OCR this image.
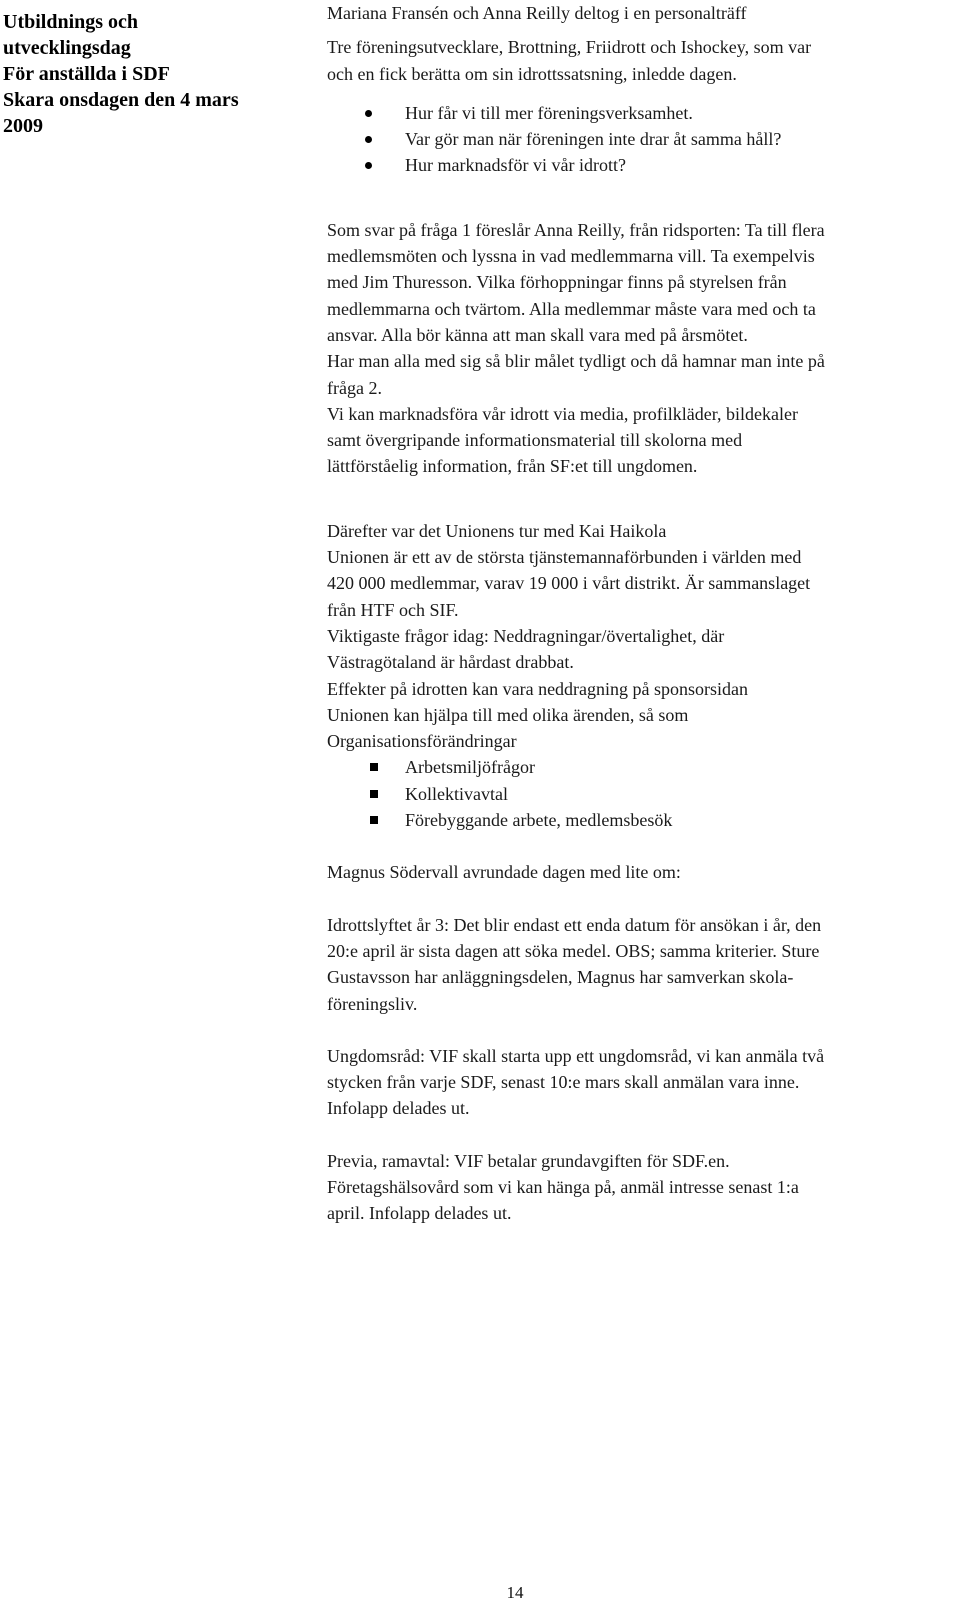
Utbildnings och
utvecklingsdag
För anställda i SDF
Skara onsdagen den 4 mars
2009

Mariana Fransén och Anna Reilly deltog i en personalträff
Tre föreningsutvecklare, Brottning, Friidrott och Ishockey, som var
och en fick berätta om sin idrottssatsning, inledde dagen.

Hur får vi till mer föreningsverksamhet.
Var gör man när föreningen inte drar åt samma håll?
Hur marknadsför vi vår idrott?

Som svar på fråga 1 föreslår Anna Reilly, från ridsporten: Ta till flera
medlemsmöten och lyssna in vad medlemmarna vill. Ta exempelvis
med Jim Thuresson. Vilka förhoppningar finns på styrelsen från
medlemmarna och tvärtom. Alla medlemmar måste vara med och ta
ansvar. Alla bör känna att man skall vara med på årsmötet.
Har man alla med sig så blir målet tydligt och då hamnar man inte på
fråga 2.
Vi kan marknadsföra vår idrott via media, profilkläder, bildekaler
samt övergripande informationsmaterial till skolorna med
lättförståelig information, från SF:et till ungdomen.

Därefter var det Unionens tur med Kai Haikola
Unionen är ett av de största tjänstemannaförbunden i världen med
420 000 medlemmar, varav 19 000 i vårt distrikt. Är sammanslaget
från HTF och SIF.
Viktigaste frågor idag: Neddragningar/övertalighet, där
Västragötaland är hårdast drabbat.
Effekter på idrotten kan vara neddragning på sponsorsidan
Unionen kan hjälpa till med olika ärenden, så som
Organisationsförändringar

Arbetsmiljöfrågor
Kollektivavtal
Förebyggande arbete, medlemsbesök

Magnus Södervall avrundade dagen med lite om:

Idrottslyftet år 3: Det blir endast ett enda datum för ansökan i år, den
20:e april är sista dagen att söka medel. OBS; samma kriterier. Sture
Gustavsson har anläggningsdelen, Magnus har samverkan skola-
föreningsliv.

Ungdomsråd: VIF skall starta upp ett ungdomsråd, vi kan anmäla två
stycken från varje SDF, senast 10:e mars skall anmälan vara inne.
Infolapp delades ut.

Previa, ramavtal: VIF betalar grundavgiften för SDF.en.
Företagshälsovård som vi kan hänga på, anmäl intresse senast 1:a
april. Infolapp delades ut.

14
